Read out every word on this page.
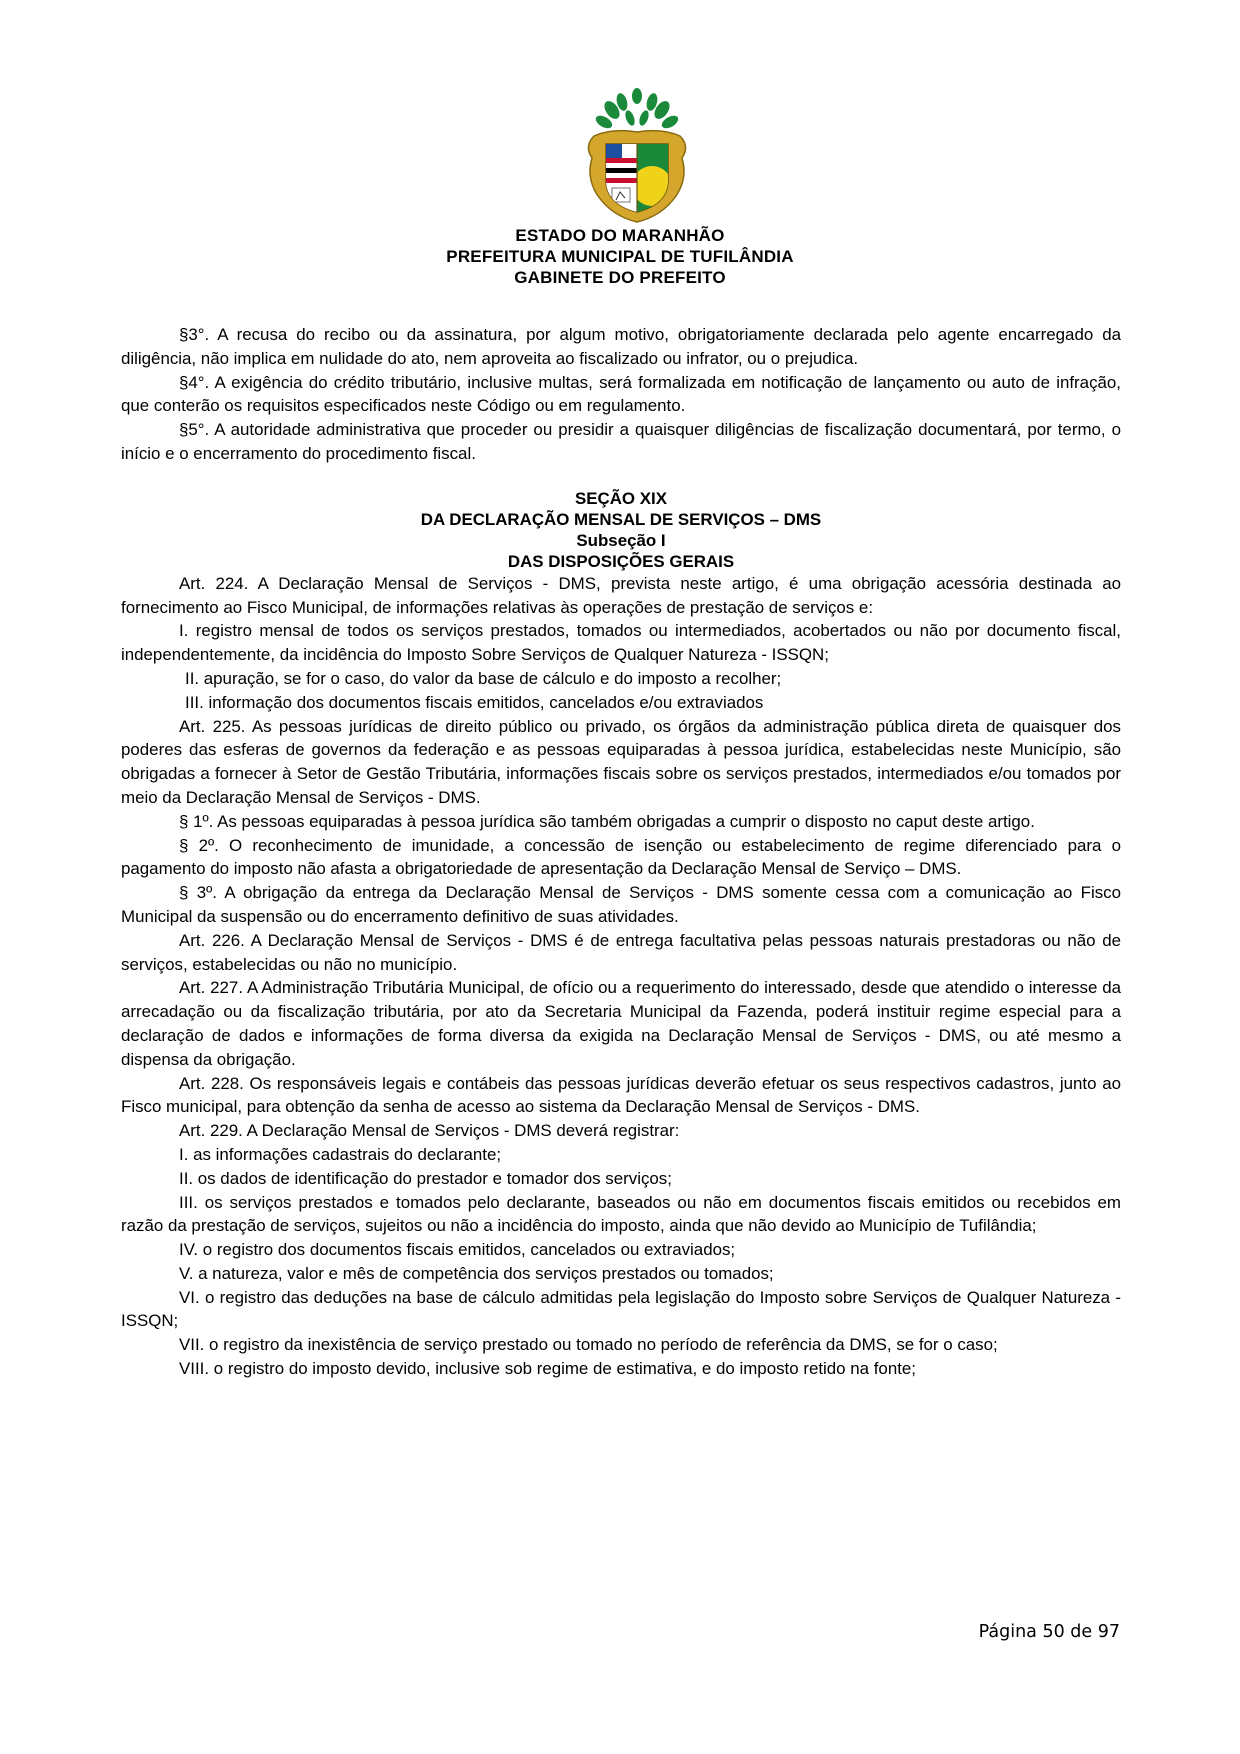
ESTADO DO MARANHÃO
PREFEITURA MUNICIPAL DE TUFILÂNDIA
GABINETE DO PREFEITO

§3°. A recusa do recibo ou da assinatura, por algum motivo, obrigatoriamente declarada pelo agente encarregado da diligência, não implica em nulidade do ato, nem aproveita ao fiscalizado ou infrator, ou o prejudica.

§4°. A exigência do crédito tributário, inclusive multas, será formalizada em notificação de lançamento ou auto de infração, que conterão os requisitos especificados neste Código ou em regulamento.

§5°. A autoridade administrativa que proceder ou presidir a quaisquer diligências de fiscalização documentará, por termo, o início e o encerramento do procedimento fiscal.

SEÇÃO XIX

DA DECLARAÇÃO MENSAL DE SERVIÇOS – DMS

Subseção I

DAS DISPOSIÇÕES GERAIS

Art. 224. A Declaração Mensal de Serviços - DMS, prevista neste artigo, é uma obrigação acessória destinada ao fornecimento ao Fisco Municipal, de informações relativas às operações de prestação de serviços e:

I. registro mensal de todos os serviços prestados, tomados ou intermediados, acobertados ou não por documento fiscal, independentemente, da incidência do Imposto Sobre Serviços de Qualquer Natureza - ISSQN;

II. apuração, se for o caso, do valor da base de cálculo e do imposto a recolher;

III. informação dos documentos fiscais emitidos, cancelados e/ou extraviados

Art. 225. As pessoas jurídicas de direito público ou privado, os órgãos da administração pública direta de quaisquer dos poderes das esferas de governos da federação e as pessoas equiparadas à pessoa jurídica, estabelecidas neste Município, são obrigadas a fornecer à Setor de Gestão Tributária, informações fiscais sobre os serviços prestados, intermediados e/ou tomados por meio da Declaração Mensal de Serviços - DMS.

§ 1º. As pessoas equiparadas à pessoa jurídica são também obrigadas a cumprir o disposto no caput deste artigo.

§ 2º. O reconhecimento de imunidade, a concessão de isenção ou estabelecimento de regime diferenciado para o pagamento do imposto não afasta a obrigatoriedade de apresentação da Declaração Mensal de Serviço – DMS.

§ 3º. A obrigação da entrega da Declaração Mensal de Serviços - DMS somente cessa com a comunicação ao Fisco Municipal da suspensão ou do encerramento definitivo de suas atividades.

Art. 226. A Declaração Mensal de Serviços - DMS é de entrega facultativa pelas pessoas naturais prestadoras ou não de serviços, estabelecidas ou não no município.

Art. 227. A Administração Tributária Municipal, de ofício ou a requerimento do interessado, desde que atendido o interesse da arrecadação ou da fiscalização tributária, por ato da Secretaria Municipal da Fazenda, poderá instituir regime especial para a declaração de dados e informações de forma diversa da exigida na Declaração Mensal de Serviços - DMS, ou até mesmo a dispensa da obrigação.

Art. 228. Os responsáveis legais e contábeis das pessoas jurídicas deverão efetuar os seus respectivos cadastros, junto ao Fisco municipal, para obtenção da senha de acesso ao sistema da Declaração Mensal de Serviços - DMS.

Art. 229. A Declaração Mensal de Serviços - DMS deverá registrar:

I. as informações cadastrais do declarante;

II. os dados de identificação do prestador e tomador dos serviços;

III. os serviços prestados e tomados pelo declarante, baseados ou não em documentos fiscais emitidos ou recebidos em razão da prestação de serviços, sujeitos ou não a incidência do imposto, ainda que não devido ao Município de Tufilândia;

IV. o registro dos documentos fiscais emitidos, cancelados ou extraviados;

V. a natureza, valor e mês de competência dos serviços prestados ou tomados;

VI. o registro das deduções na base de cálculo admitidas pela legislação do Imposto sobre Serviços de Qualquer Natureza - ISSQN;

VII. o registro da inexistência de serviço prestado ou tomado no período de referência da DMS, se for o caso;

VIII. o registro do imposto devido, inclusive sob regime de estimativa, e do imposto retido na fonte;

Página 50 de 97
